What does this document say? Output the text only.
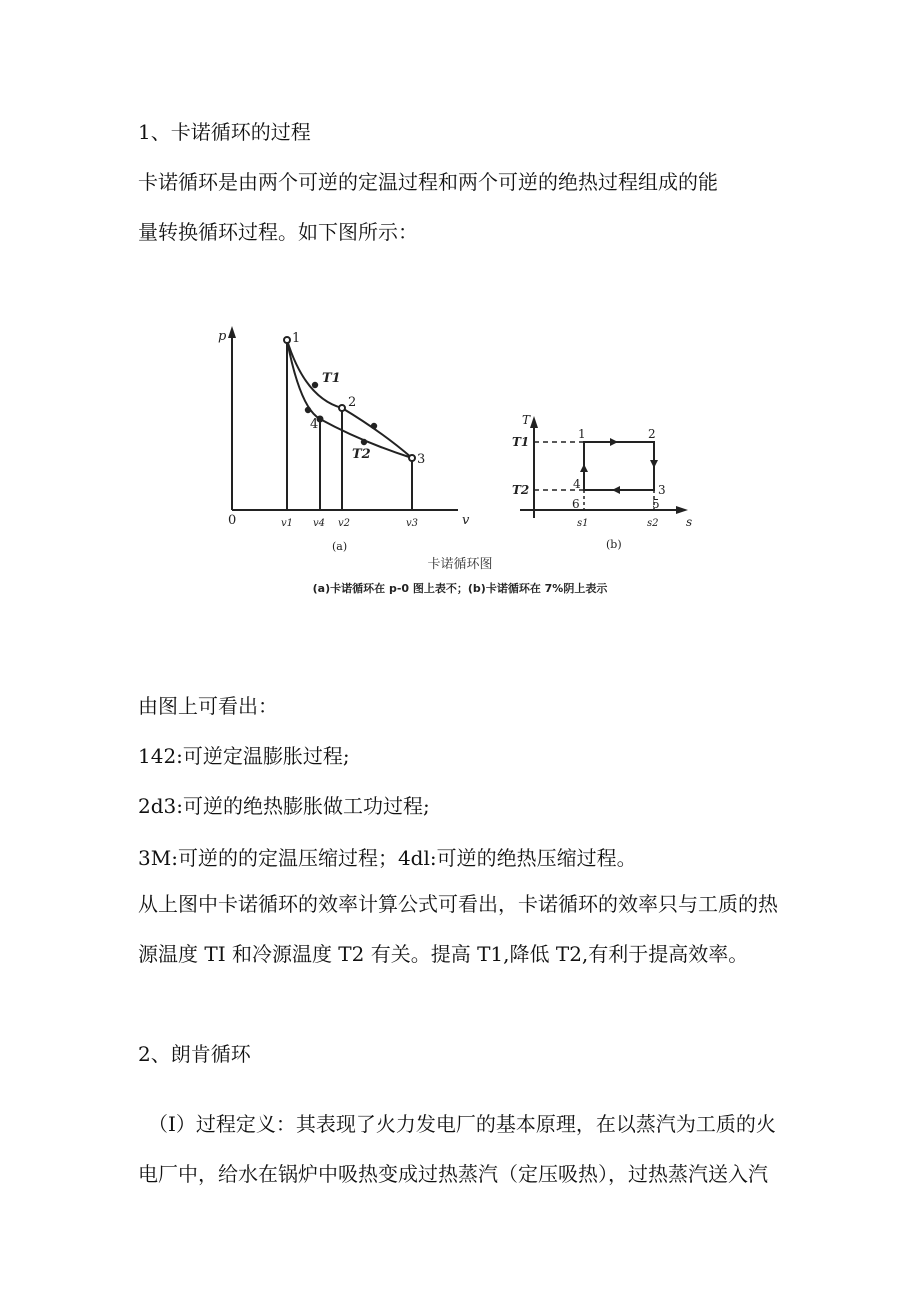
1、卡诺循环的过程

卡诺循环是由两个可逆的定温过程和两个可逆的绝热过程组成的能

量转换循环过程。如下图所示：

p
v
0
1
2
3
4
T1
T2
v1 v4 v2	v3
(a)
T
s
T1
T2
s1	s2
1	2
3
4
5
6
(b)
卡诺循环图
(a)卡诺循环在 p-0 图上表不；(b)卡诺循环在 7%阴上表示

由图上可看出：

142:可逆定温膨胀过程;

2d3:可逆的绝热膨胀做工功过程;

3M:可逆的的定温压缩过程；4dl:可逆的绝热压缩过程。

从上图中卡诺循环的效率计算公式可看出，卡诺循环的效率只与工质的热

源温度 TI 和冷源温度 T2 有关。提高 T1,降低 T2,有利于提高效率。

2、朗肯循环

（I）过程定义：其表现了火力发电厂的基本原理，在以蒸汽为工质的火

电厂中，给水在锅炉中吸热变成过热蒸汽（定压吸热），过热蒸汽送入汽
